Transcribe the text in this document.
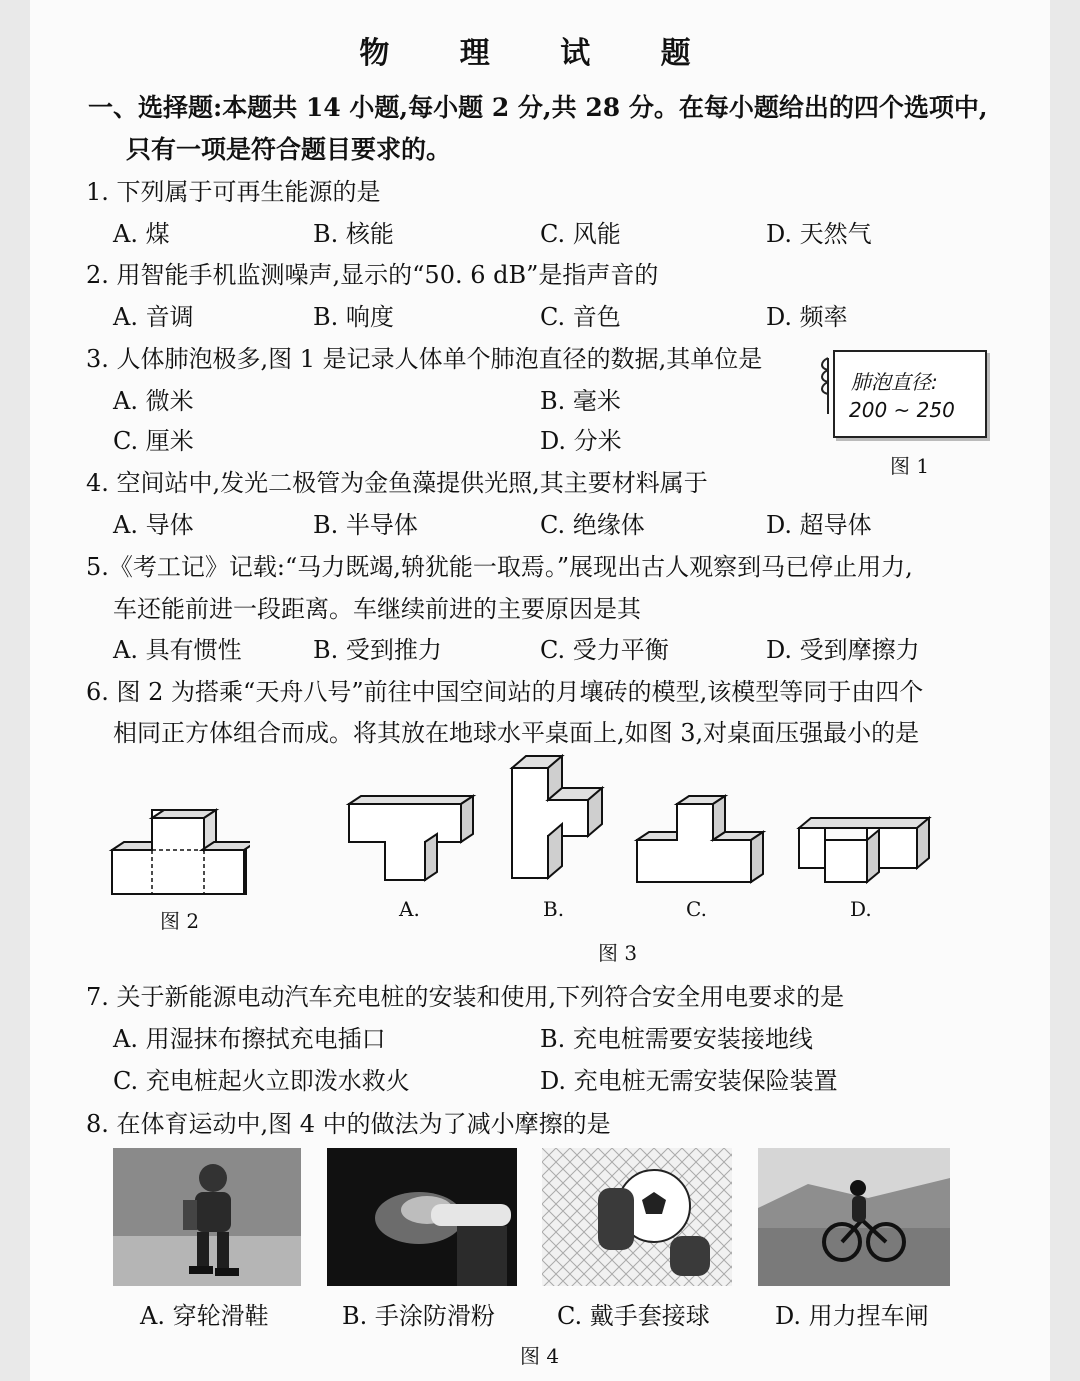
物 理 试 题
一、选择题:本题共 14 小题,每小题 2 分,共 28 分。在每小题给出的四个选项中,
只有一项是符合题目要求的。
1. 下列属于可再生能源的是
A. 煤	B. 核能	C. 风能	D. 天然气
2. 用智能手机监测噪声,显示的“50. 6 dB”是指声音的
A. 音调	B. 响度	C. 音色	D. 频率
3. 人体肺泡极多,图 1 是记录人体单个肺泡直径的数据,其单位是
A. 微米	B. 毫米
C. 厘米	D. 分米
肺泡直径:
200 ~ 250
图 1
4. 空间站中,发光二极管为金鱼藻提供光照,其主要材料属于
A. 导体	B. 半导体	C. 绝缘体	D. 超导体
5.《考工记》记载:“马力既竭,辀犹能一取焉。”展现出古人观察到马已停止用力,
车还能前进一段距离。车继续前进的主要原因是其
A. 具有惯性	B. 受到推力	C. 受力平衡	D. 受到摩擦力
6. 图 2 为搭乘“天舟八号”前往中国空间站的月壤砖的模型,该模型等同于由四个
相同正方体组合而成。将其放在地球水平桌面上,如图 3,对桌面压强最小的是
图 2	A.	B.	C.	D.
图 3
7. 关于新能源电动汽车充电桩的安装和使用,下列符合安全用电要求的是
A. 用湿抹布擦拭充电插口	B. 充电桩需要安装接地线
C. 充电桩起火立即泼水救火	D. 充电桩无需安装保险装置
8. 在体育运动中,图 4 中的做法为了减小摩擦的是
A. 穿轮滑鞋	B. 手涂防滑粉	C. 戴手套接球	D. 用力捏车闸
图 4
